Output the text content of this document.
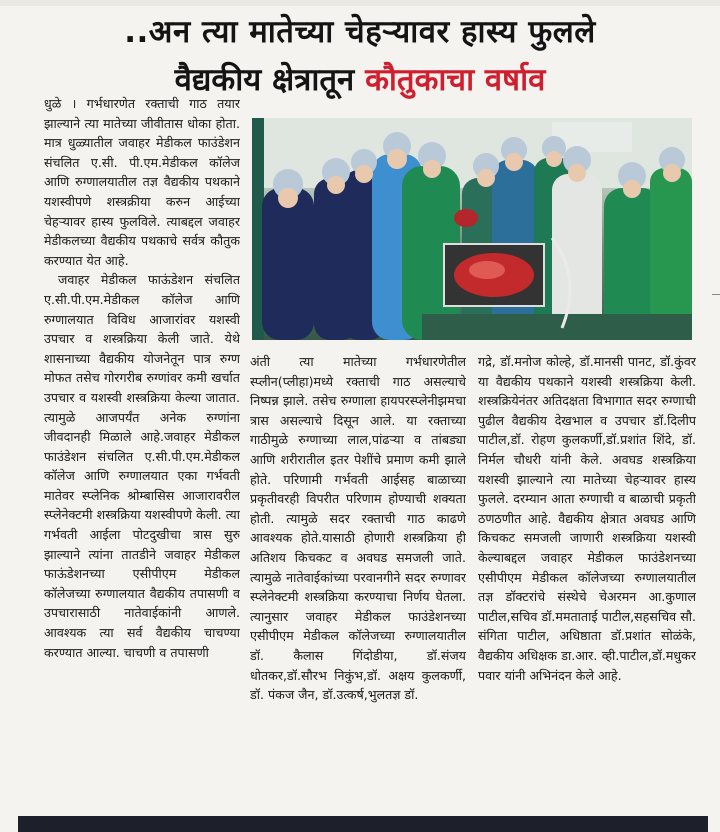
..अन त्या मातेच्या चेहऱ्यावर हास्य फुलले
वैद्यकीय क्षेत्रातून कौतुकाचा वर्षाव

धुळे । गर्भधारणेत रक्ताची गाठ तयार झाल्याने त्या मातेच्या जीवीतास धोका होता. मात्र धुळ्यातील जवाहर मेडीकल फाउंडेशन संचलित ए.सी. पी.एम.मेडीकल कॉलेज आणि रुग्णालयातील तज्ञ वैद्यकीय पथकाने यशस्वीपणे शस्त्रक्रीया करुन आईच्या चेहऱ्यावर हास्य फुलविले. त्याबद्दल जवाहर मेडीकलच्या वैद्यकीय पथकाचे सर्वत्र कौतुक करण्यात येत आहे.

जवाहर मेडीकल फाऊंडेशन संचलित ए.सी.पी.एम.मेडीकल कॉलेज आणि रुग्णालयात विविध आजारांवर यशस्वी उपचार व शस्त्रक्रिया केली जाते. येथे शासनाच्या वैद्यकीय योजनेतून पात्र रुग्ण मोफत तसेच गोरगरीब रुग्णांवर कमी खर्चात उपचार व यशस्वी शस्त्रक्रिया केल्या जातात. त्यामुळे आजपर्यंत अनेक रुग्णांना जीवदानही मिळाले आहे.जवाहर मेडीकल फाउंडेशन संचलित ए.सी.पी.एम.मेडीकल कॉलेज आणि रुग्णालयात एका गर्भवती मातेवर स्प्लेनिक श्रोम्बासिस आजारावरील स्प्लेनेक्टमी शस्त्रक्रिया यशस्वीपणे केली. त्या गर्भवती आईला पोटदुखीचा त्रास सुरु झाल्याने त्यांना तातडीने जवाहर मेडीकल फाऊंडेशनच्या एसीपीएम मेडीकल कॉलेजच्या रुग्णालयात वैद्यकीय तपासणी व उपचारासाठी नातेवाईकांनी आणले. आवश्यक त्या सर्व वैद्यकीय चाचण्या करण्यात आल्या. चाचणी व तपासणी

अंती त्या मातेच्या गर्भधारणेतील स्प्लीन(प्लीहा)मध्ये रक्ताची गाठ असल्याचे निष्पन्न झाले. तसेच रुग्णाला हायपरस्प्लेनीझमचा त्रास असल्याचे दिसून आले. या रक्ताच्या गाठीमुळे रुग्णाच्या लाल,पांढर्‍या व तांबड्या आणि शरीरातील इतर पेशींचे प्रमाण कमी झाले होते. परिणामी गर्भवती आईसह बाळाच्या प्रकृतीवरही विपरीत परिणाम होण्याची शक्यता होती. त्यामुळे सदर रक्ताची गाठ काढणे आवश्यक होते.यासाठी होणारी शस्त्रक्रिया ही अतिशय किचकट व अवघड समजली जाते. त्यामुळे नातेवाईकांच्या परवानगीने सदर रुग्णावर स्प्लेनेक्टमी शस्त्रक्रिया करण्याचा निर्णय घेतला. त्यानुसार जवाहर मेडीकल फाउंडेशनच्या एसीपीएम मेडीकल कॉलेजच्या रुग्णालयातील डॉ. कैलास गिंदोडीया, डॉ.संजय धोतकर,डॉ.सौरभ निकुंभ,डॉ. अक्षय कुलकर्णी, डॉ. पंकज जैन, डॉ.उत्कर्ष,भुलतज्ञ डॉ.

गद्रे, डॉ.मनोज कोल्हे, डॉ.मानसी पानट, डॉ.कुंवर या वैद्यकीय पथकाने यशस्वी शस्त्रक्रिया केली. शस्त्रक्रियेनंतर अतिदक्षता विभागात सदर रुग्णाची पुढील वैद्यकीय देखभाल व उपचार डॉ.दिलीप पाटील,डॉ. रोहण कुलकर्णी,डॉ.प्रशांत शिंदे, डॉ. निर्मल चौधरी यांनी केले. अवघड शस्त्रक्रिया यशस्वी झाल्याने त्या मातेच्या चेहर्‍यावर हास्य फुलले. दरम्यान आता रुग्णाची व बाळाची प्रकृती ठणठणीत आहे. वैद्यकीय क्षेत्रात अवघड आणि किचकट समजली जाणारी शस्त्रक्रिया यशस्वी केल्याबद्दल जवाहर मेडीकल फाउंडेशनच्या एसीपीएम मेडीकल कॉलेजच्या रुग्णालयातील तज्ञ डॉक्टरांचे संस्थेचे चेअरमन आ.कुणाल पाटील,सचिव डॉ.ममताताई पाटील,सहसचिव सौ. संगिता पाटील, अधिष्ठाता डॉ.प्रशांत सोळंके, वैद्यकीय अधिक्षक डा.आर. व्ही.पाटील,डॉ.मधुकर पवार यांनी अभिनंदन केले आहे.
